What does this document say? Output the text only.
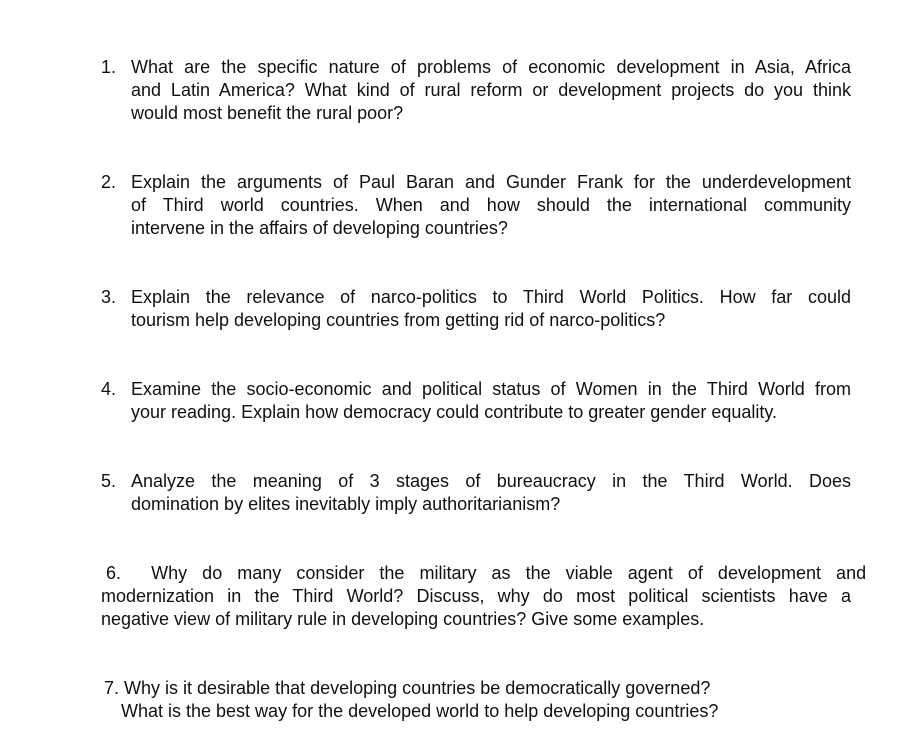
1. What are the specific nature of problems of economic development in Asia, Africa
and Latin America? What kind of rural reform or development projects do you think
would most benefit the rural poor?
2. Explain the arguments of Paul Baran and Gunder Frank for the underdevelopment
of Third world countries. When and how should the international community
intervene in the affairs of developing countries?
3. Explain the relevance of narco-politics to Third World Politics. How far could
tourism help developing countries from getting rid of narco-politics?
4. Examine the socio-economic and political status of Women in the Third World from
your reading. Explain how democracy could contribute to greater gender equality.
5. Analyze the meaning of 3 stages of bureaucracy in the Third World. Does
domination by elites inevitably imply authoritarianism?
6. Why do many consider the military as the viable agent of development and
modernization in the Third World? Discuss, why do most political scientists have a
negative view of military rule in developing countries? Give some examples.
7. Why is it desirable that developing countries be democratically governed?
What is the best way for the developed world to help developing countries?
